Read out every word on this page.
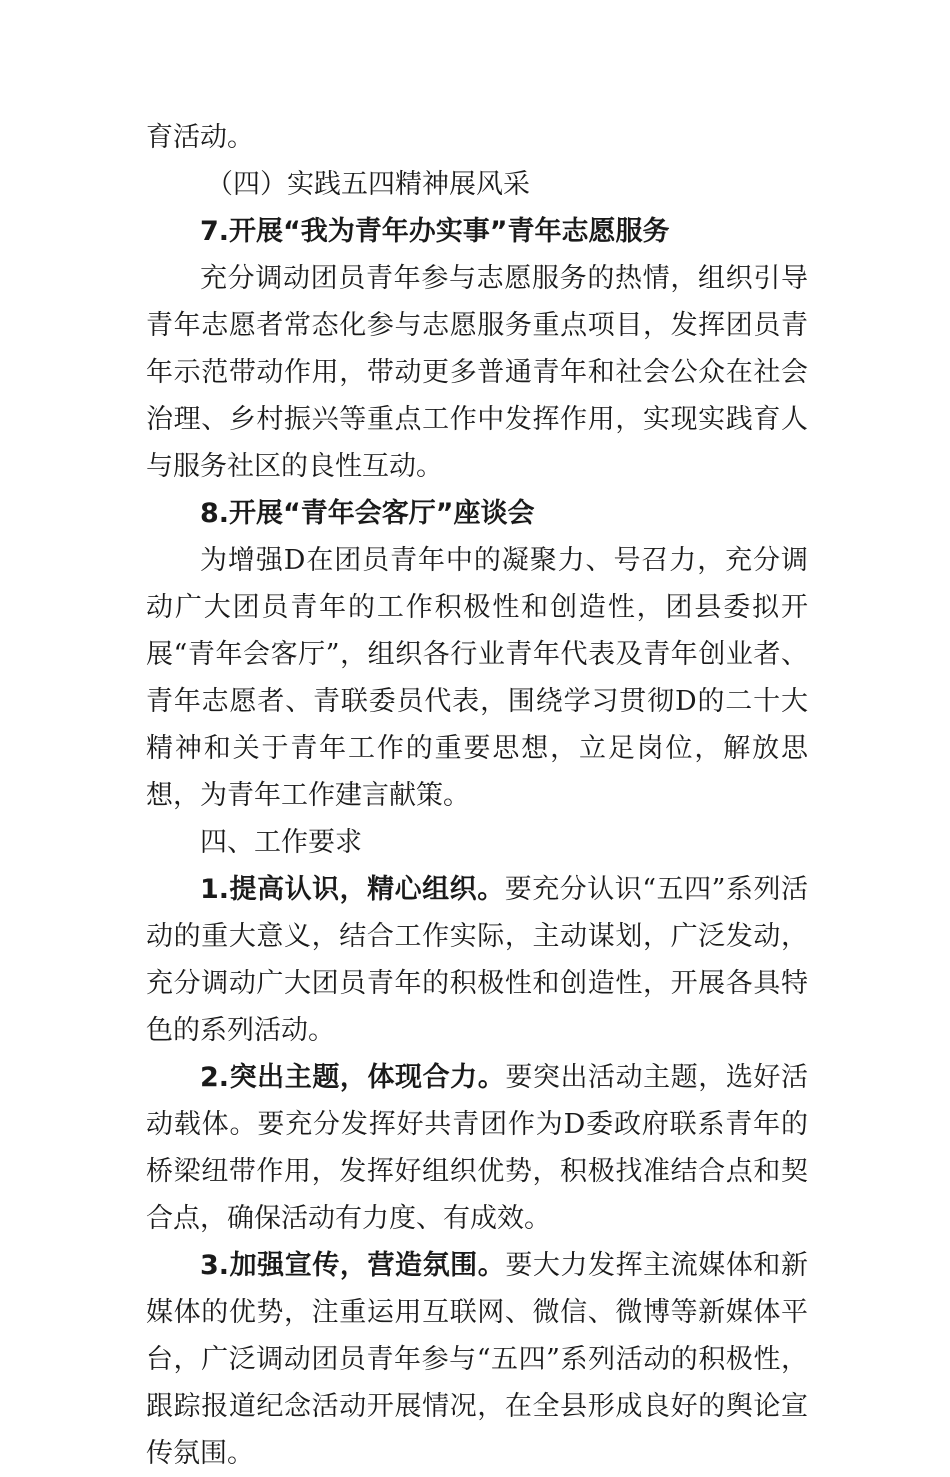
育活动。

（四）实践五四精神展风采

7.开展“我为青年办实事”青年志愿服务

充分调动团员青年参与志愿服务的热情，组织引导青年志愿者常态化参与志愿服务重点项目，发挥团员青年示范带动作用，带动更多普通青年和社会公众在社会治理、乡村振兴等重点工作中发挥作用，实现实践育人与服务社区的良性互动。

8.开展“青年会客厅”座谈会

为增强D在团员青年中的凝聚力、号召力，充分调动广大团员青年的工作积极性和创造性，团县委拟开展“青年会客厅”，组织各行业青年代表及青年创业者、青年志愿者、青联委员代表，围绕学习贯彻D的二十大精神和关于青年工作的重要思想，立足岗位，解放思想，为青年工作建言献策。

四、工作要求

1.提高认识，精心组织。要充分认识“五四”系列活动的重大意义，结合工作实际，主动谋划，广泛发动，充分调动广大团员青年的积极性和创造性，开展各具特色的系列活动。

2.突出主题，体现合力。要突出活动主题，选好活动载体。要充分发挥好共青团作为D委政府联系青年的桥梁纽带作用，发挥好组织优势，积极找准结合点和契合点，确保活动有力度、有成效。

3.加强宣传，营造氛围。要大力发挥主流媒体和新媒体的优势，注重运用互联网、微信、微博等新媒体平台，广泛调动团员青年参与“五四”系列活动的积极性，跟踪报道纪念活动开展情况，在全县形成良好的舆论宣传氛围。
